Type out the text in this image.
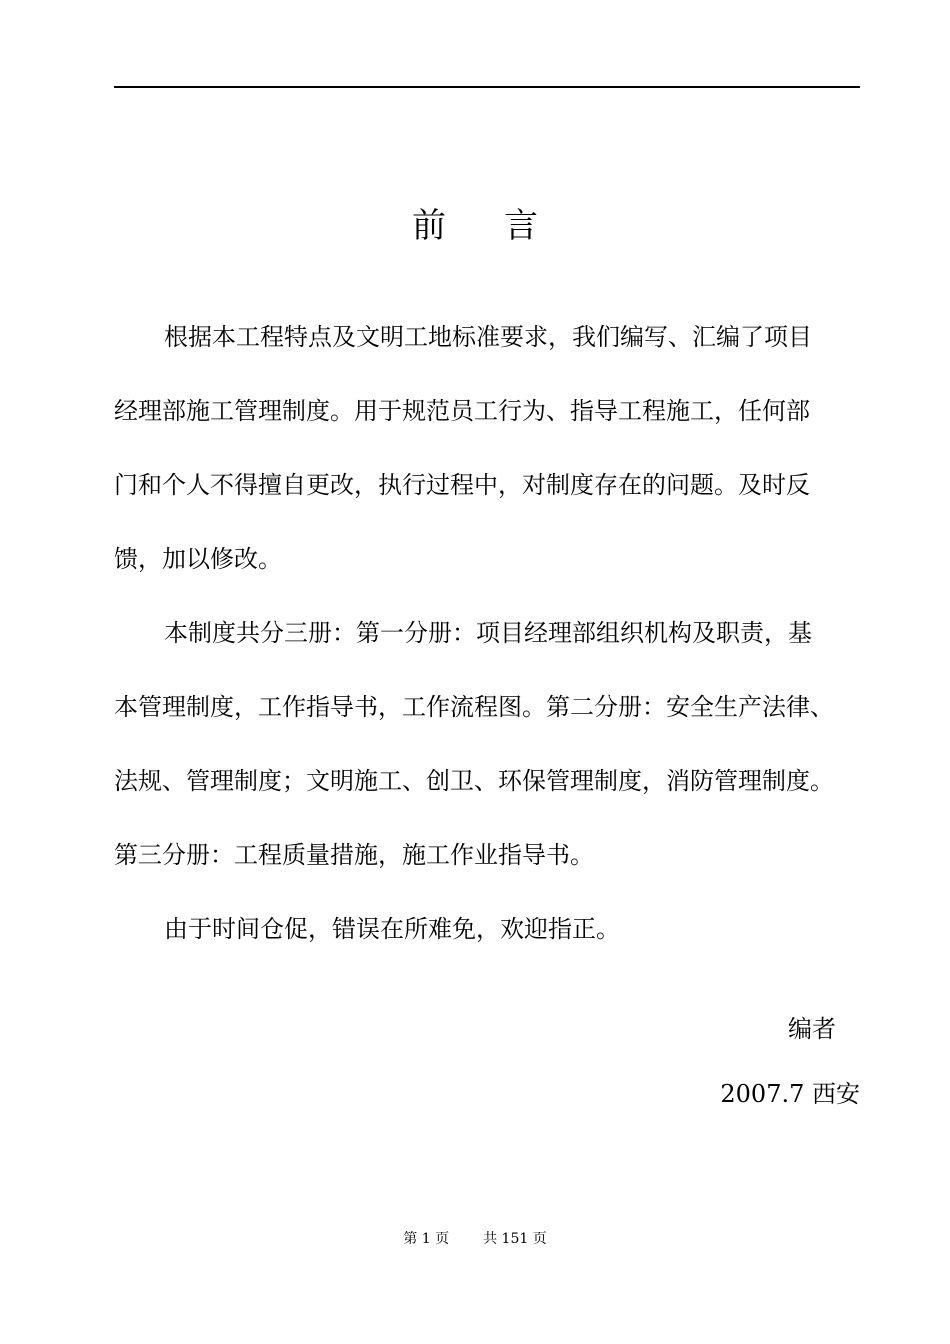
前 言

根据本工程特点及文明工地标准要求，我们编写、汇编了项目
经理部施工管理制度。用于规范员工行为、指导工程施工，任何部
门和个人不得擅自更改，执行过程中，对制度存在的问题。及时反
馈，加以修改。

本制度共分三册：第一分册：项目经理部组织机构及职责，基
本管理制度，工作指导书，工作流程图。第二分册：安全生产法律、
法规、管理制度；文明施工、创卫、环保管理制度，消防管理制度。
第三分册：工程质量措施，施工作业指导书。

由于时间仓促，错误在所难免，欢迎指正。

编者
2007.7 西安
第 1 页 共 151 页
